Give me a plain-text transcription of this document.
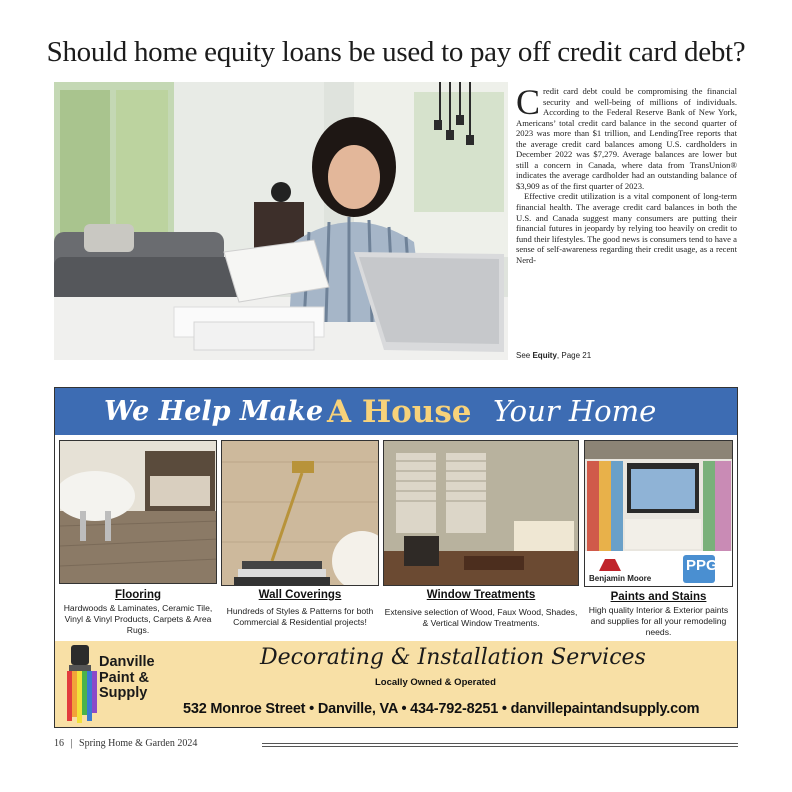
Should home equity loans be used to pay off credit card debt?

Credit card debt could be compromising the financial security and well-being of millions of individuals. According to the Federal Reserve Bank of New York, Americans’ total credit card balance in the second quarter of 2023 was more than $1 trillion, and LendingTree reports that the average credit card balances among U.S. cardholders in December 2022 was $7,279. Average balances are lower but still a concern in Canada, where data from TransUnion® indicates the average cardholder had an outstanding balance of $3,909 as of the first quarter of 2023.

Effective credit utilization is a vital component of long-term financial health. The average credit card balances in both the U.S. and Canada suggest many consumers are putting their financial futures in jeopardy by relying too heavily on credit to fund their lifestyles. The good news is consumers tend to have a sense of self-awareness regarding their credit usage, as a recent Nerd-

See Equity, Page 21
We Help Make A House Your Home
Benjamin Moore
PPG
Flooring
Hardwoods & Laminates, Ceramic Tile, Vinyl & Vinyl Products, Carpets & Area Rugs.
Wall Coverings
Hundreds of Styles & Patterns for both Commercial & Residential projects!
Window Treatments
Extensive selection of Wood, Faux Wood, Shades, & Vertical Window Treatments.
Paints and Stains
High quality Interior & Exterior paints and supplies for all your remodeling needs.
Danville
Paint &
Supply
Decorating & Installation Services
Locally Owned & Operated
532 Monroe Street • Danville, VA • 434-792-8251 • danvillepaintandsupply.com
16 | Spring Home & Garden 2024
